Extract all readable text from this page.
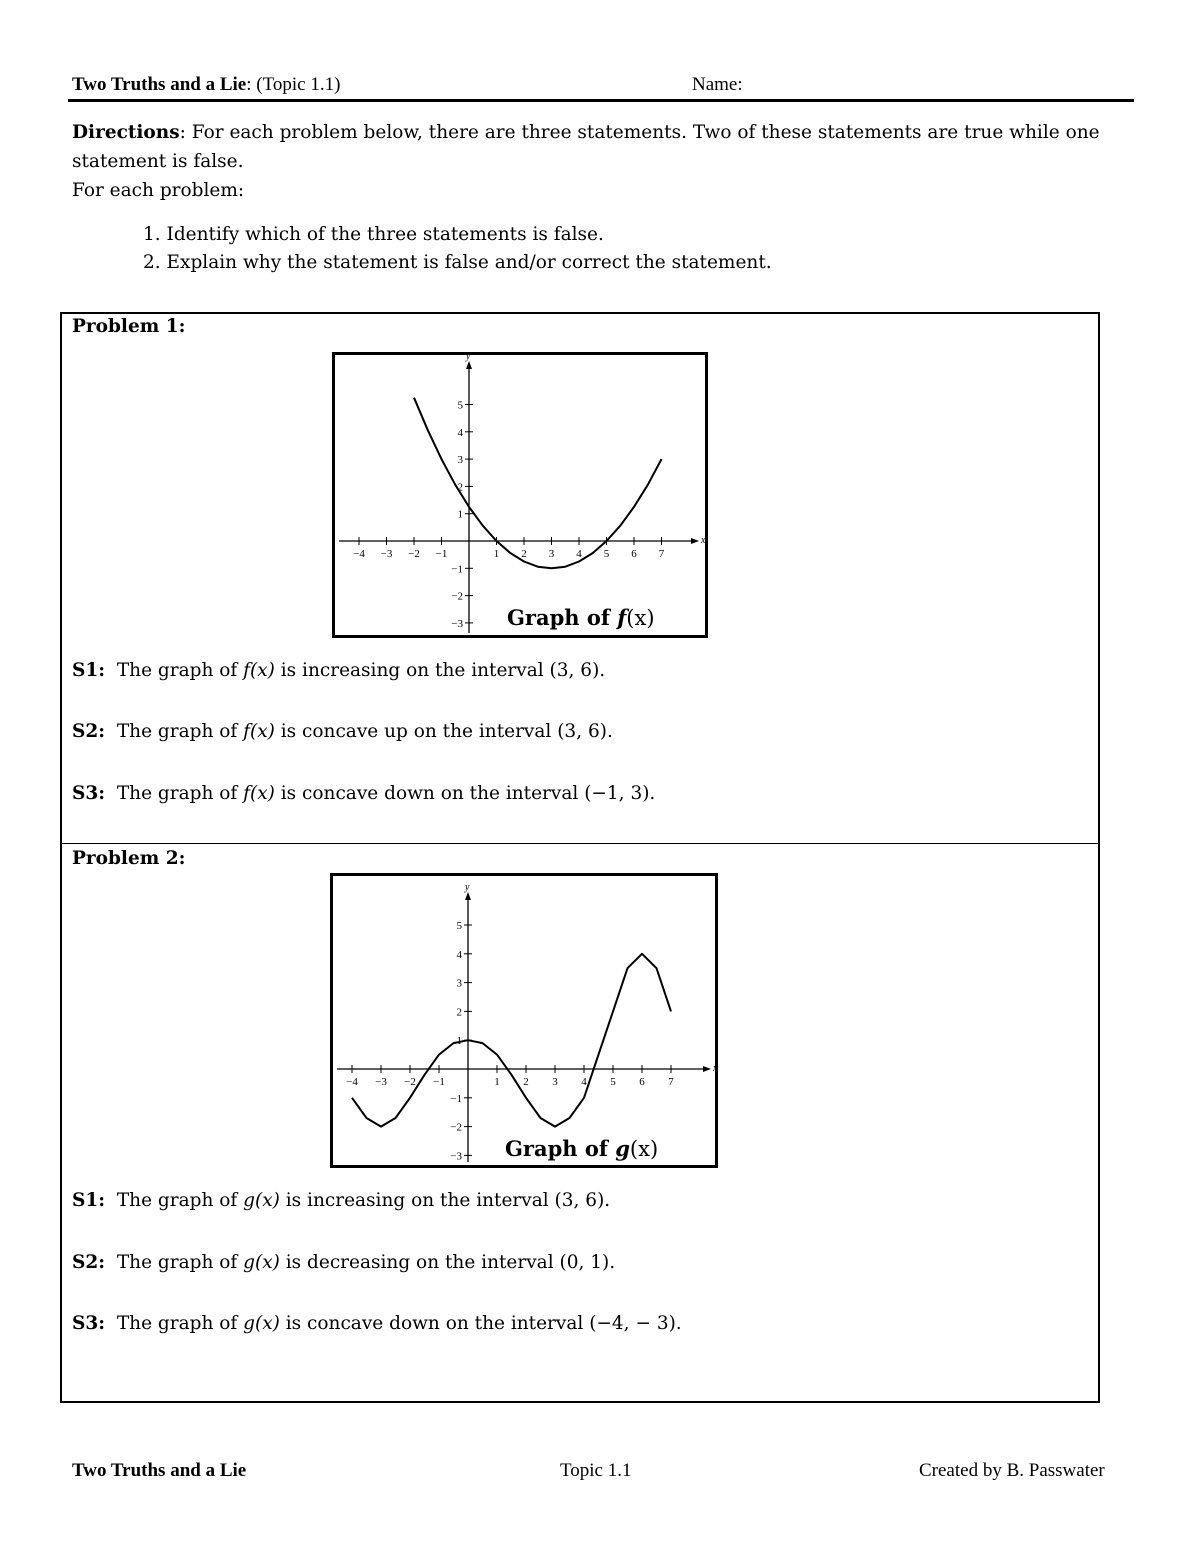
Two Truths and a Lie: (Topic 1.1)	Name:
Directions: For each problem below, there are three statements. Two of these statements are true while one
statement is false.
For each problem:
1. Identify which of the three statements is false.
2. Explain why the statement is false and/or correct the statement.
Problem 1:
x
y
−4 −3 −2 −1	1 2 3 4 5 6 7
−3
−2
−1
1
2
3
4
5
Graph of f(x)
S1: The graph of f(x) is increasing on the interval (3, 6).
S2: The graph of f(x) is concave up on the interval (3, 6).
S3: The graph of f(x) is concave down on the interval (−1, 3).
Problem 2:
x
y
−4 −3 −2 −1	1 2 3 4 5 6 7
−3
−2
−1
1
2
3
4
5
Graph of g(x)
S1: The graph of g(x) is increasing on the interval (3, 6).
S2: The graph of g(x) is decreasing on the interval (0, 1).
S3: The graph of g(x) is concave down on the interval (−4, − 3).
Two Truths and a Lie	Topic 1.1	Created by B. Passwater
